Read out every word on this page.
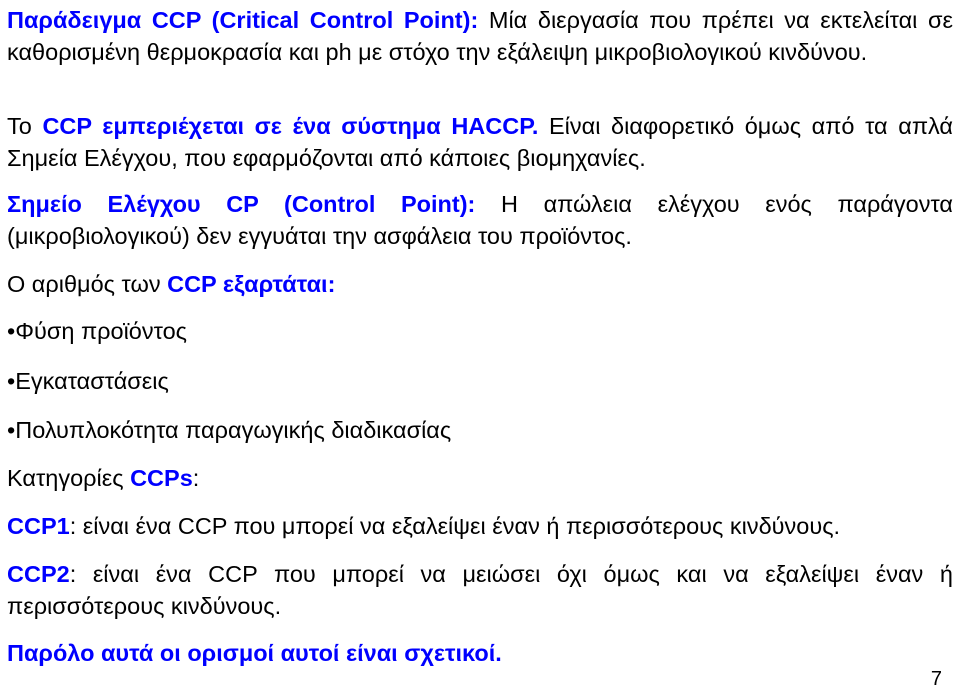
Παράδειγμα CCP (Critical Control Point): Μία διεργασία που πρέπει να εκτελείται σε καθορισμένη θερμοκρασία και ph με στόχο την εξάλειψη μικροβιολογικού κινδύνου.

Το CCP εμπεριέχεται σε ένα σύστημα HACCP. Είναι διαφορετικό όμως από τα απλά Σημεία Ελέγχου, που εφαρμόζονται από κάποιες βιομηχανίες.

Σημείο Ελέγχου CP (Control Point): Η απώλεια ελέγχου ενός παράγοντα (μικροβιολογικού) δεν εγγυάται την ασφάλεια του προϊόντος.

Ο αριθμός των CCP εξαρτάται:

•Φύση προϊόντος

•Εγκαταστάσεις

•Πολυπλοκότητα παραγωγικής διαδικασίας

Κατηγορίες CCPs:

CCP1: είναι ένα CCP που μπορεί να εξαλείψει έναν ή περισσότερους κινδύνους.

CCP2: είναι ένα CCP που μπορεί να μειώσει όχι όμως και να εξαλείψει έναν ή περισσότερους κινδύνους.

Παρόλο αυτά οι ορισμοί αυτοί είναι σχετικοί.

7
